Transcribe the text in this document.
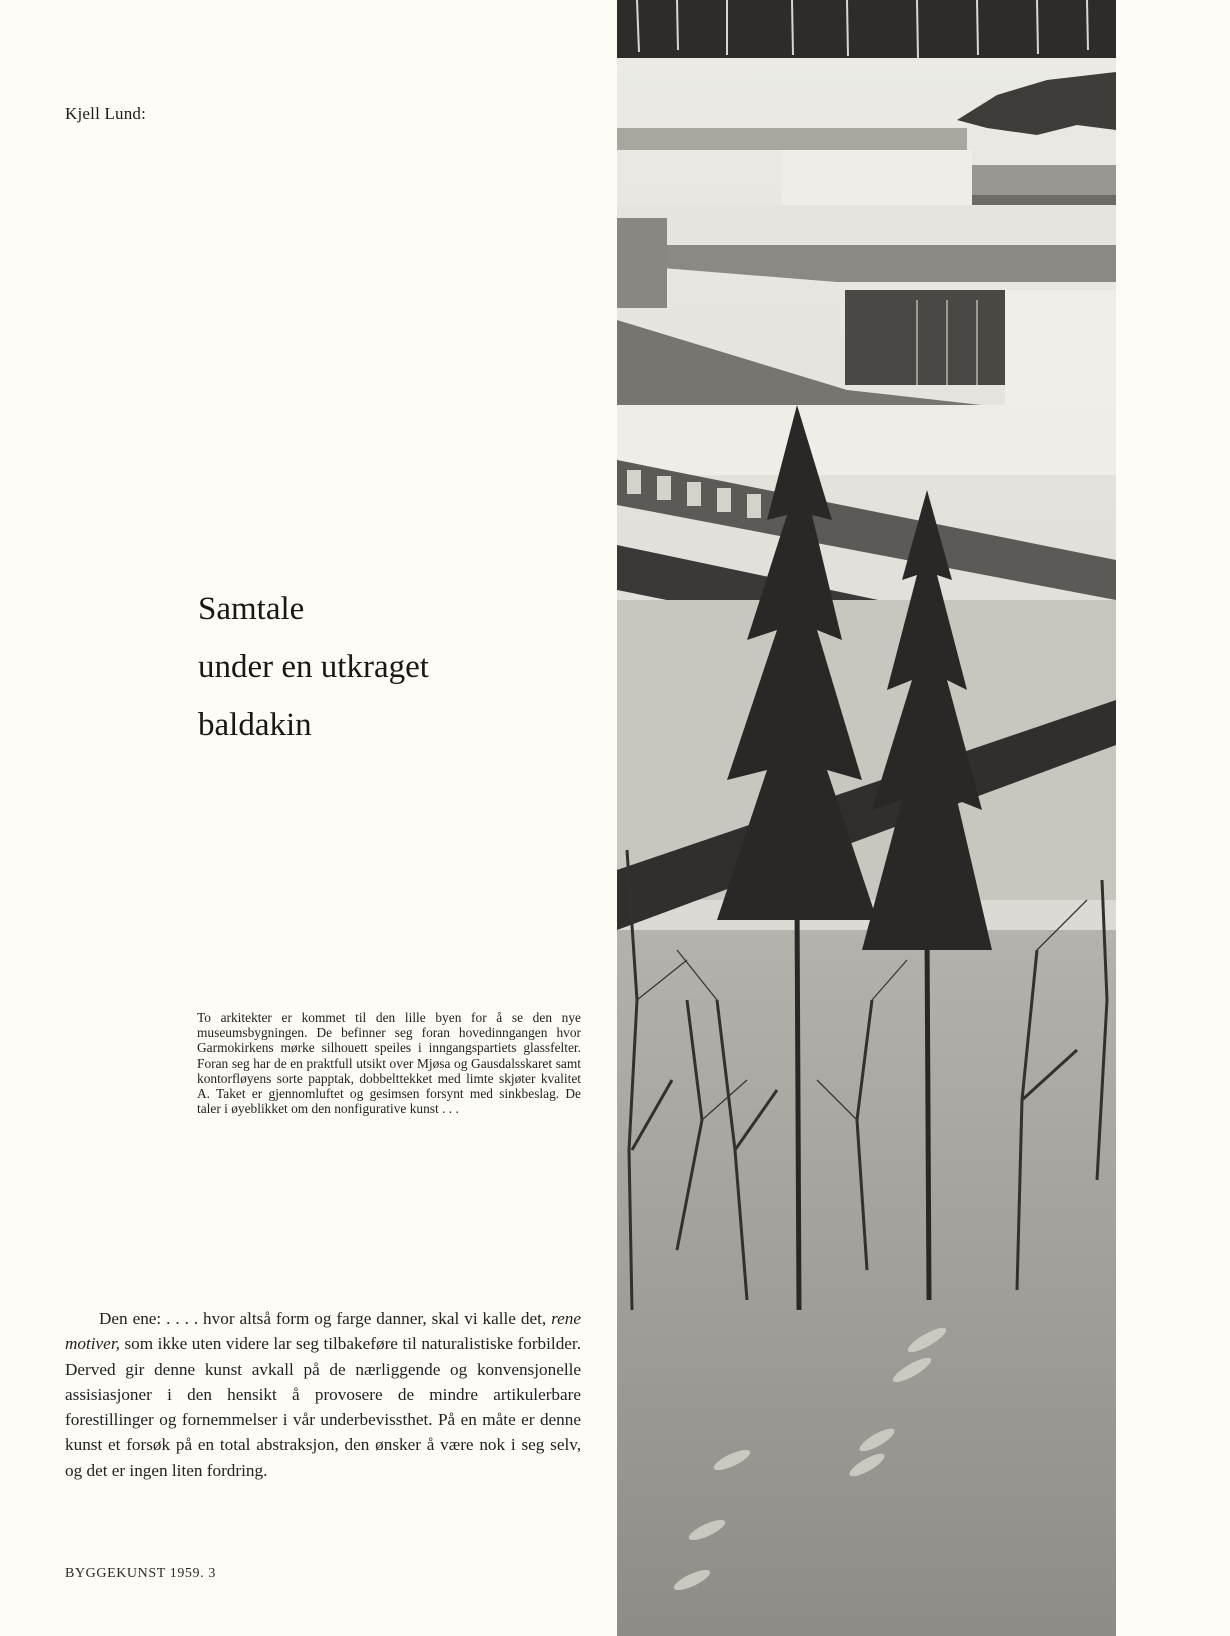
Kjell Lund:
Samtale
under en utkraget
baldakin

To arkitekter er kommet til den lille byen for å se den nye museumsbygningen. De befinner seg foran hovedinngangen hvor Garmokirkens mørke silhouett speiles i inngangspartiets glassfelter. Foran seg har de en praktfull utsikt over Mjøsa og Gausdalsskaret samt kontorfløyens sorte papptak, dobbelttekket med limte skjøter kvalitet A. Taket er gjennomluftet og gesimsen forsynt med sinkbeslag. De taler i øyeblikket om den nonfigurative kunst . . .

Den ene: . . . . hvor altså form og farge danner, skal vi kalle det, rene motiver, som ikke uten videre lar seg tilbakeføre til naturalistiske forbilder. Derved gir denne kunst avkall på de nærliggende og konvensjonelle assisiasjoner i den hensikt å provosere de mindre artikulerbare forestillinger og fornemmelser i vår underbevissthet. På en måte er denne kunst et forsøk på en total abstraksjon, den ønsker å være nok i seg selv, og det er ingen liten fordring.

BYGGEKUNST 1959. 3
